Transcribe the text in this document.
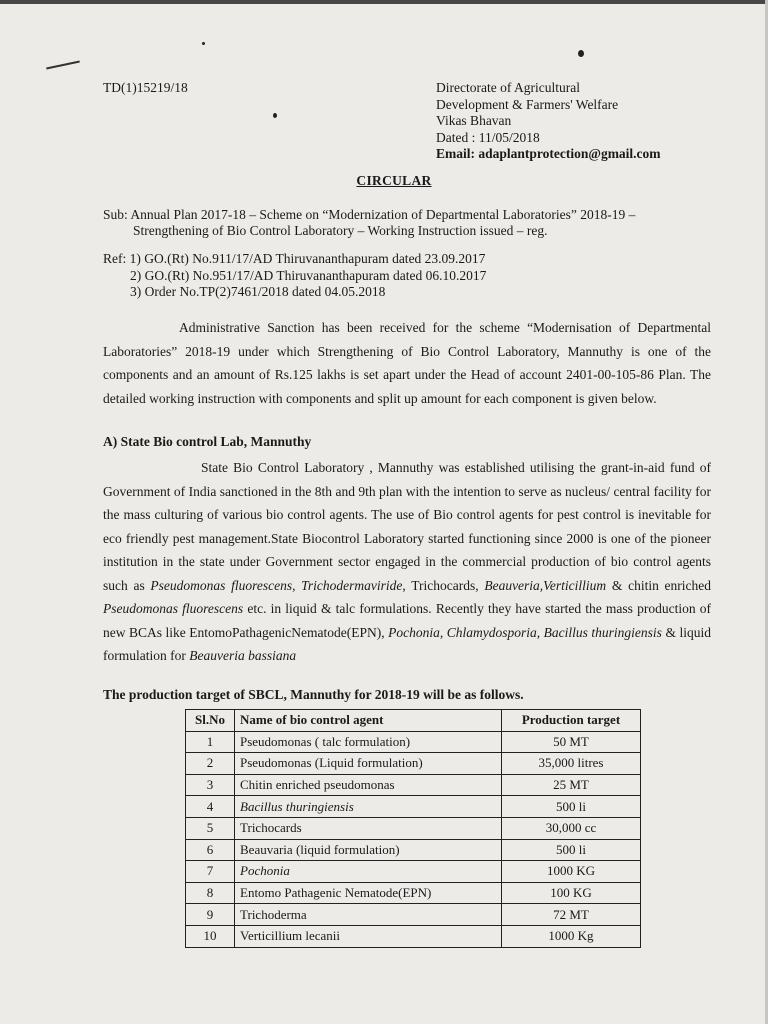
TD(1)15219/18	Directorate of Agricultural
Development & Farmers' Welfare
Vikas Bhavan
Dated : 11/05/2018
Email: adaplantprotection@gmail.com
CIRCULAR
Sub: Annual Plan 2017-18 – Scheme on “Modernization of Departmental Laboratories” 2018-19 –
Strengthening of Bio Control Laboratory – Working Instruction issued – reg.
Ref: 1) GO.(Rt) No.911/17/AD Thiruvananthapuram dated 23.09.2017
2) GO.(Rt) No.951/17/AD Thiruvananthapuram dated 06.10.2017
3) Order No.TP(2)7461/2018 dated 04.05.2018
Administrative Sanction has been received for the scheme “Modernisation of Departmental Laboratories” 2018-19 under which Strengthening of Bio Control Laboratory, Mannuthy is one of the components and an amount of Rs.125 lakhs is set apart under the Head of account 2401-00-105-86 Plan. The detailed working instruction with components and split up amount for each component is given below.
A) State Bio control Lab, Mannuthy
State Bio Control Laboratory , Mannuthy was established utilising the grant-in-aid fund of Government of India sanctioned in the 8th and 9th plan with the intention to serve as nucleus/ central facility for the mass culturing of various bio control agents. The use of Bio control agents for pest control is inevitable for eco friendly pest management.State Biocontrol Laboratory started functioning since 2000 is one of the pioneer institution in the state under Government sector engaged in the commercial production of bio control agents such as Pseudomonas fluorescens, Trichodermaviride, Trichocards, Beauveria,Verticillium & chitin enriched Pseudomonas fluorescens etc. in liquid & talc formulations. Recently they have started the mass production of new BCAs like EntomoPathagenicNematode(EPN), Pochonia, Chlamydosporia, Bacillus thuringiensis & liquid formulation for Beauveria bassiana
The production target of SBCL, Mannuthy for 2018-19 will be as follows.
Sl.No	Name of bio control agent	Production target
1	Pseudomonas ( talc formulation)	50 MT
2	Pseudomonas (Liquid formulation)	35,000 litres
3	Chitin enriched pseudomonas	25 MT
4	Bacillus thuringiensis	500 li
5	Trichocards	30,000 cc
6	Beauvaria (liquid formulation)	500 li
7	Pochonia	1000 KG
8	Entomo Pathagenic Nematode(EPN)	100 KG
9	Trichoderma	72 MT
10	Verticillium lecanii	1000 Kg
